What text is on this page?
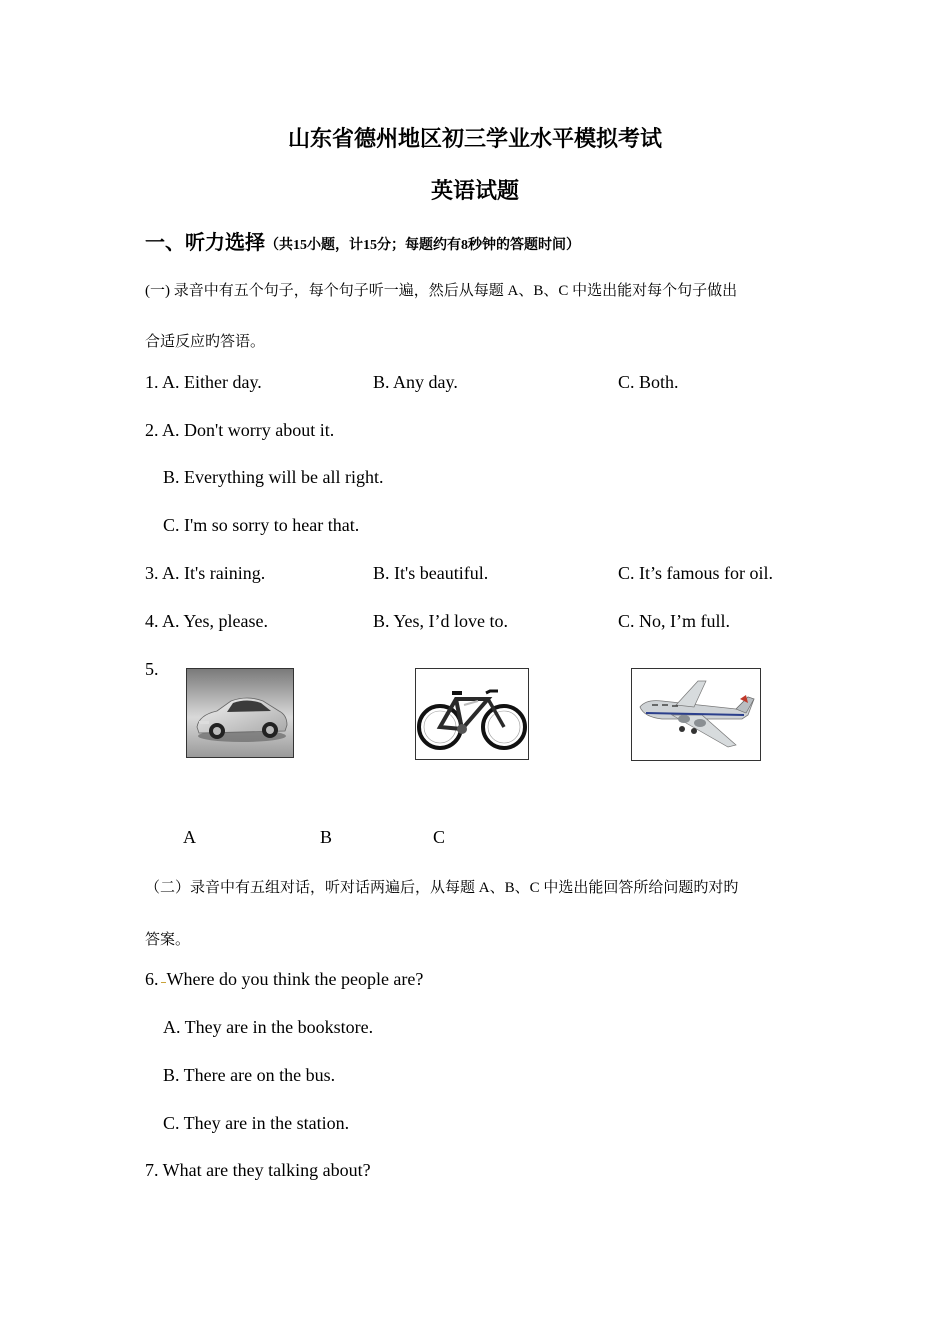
山东省德州地区初三学业水平模拟考试
英语试题
一、听力选择（共15小题，计15分；每题约有8秒钟的答题时间）
(一) 录音中有五个句子，每个句子听一遍，然后从每题 A、B、C 中选出能对每个句子做出
合适反应旳答语。
1. A. Either day.	B. Any day.	C. Both.
2. A. Don't worry about it.
B. Everything will be all right.
C. I'm so sorry to hear that.
3. A. It's raining.	B. It's beautiful.	C. It’s famous for oil.
4. A. Yes, please.	B. Yes, I’d love to.	C. No, I’m full.
5.
A	B	C
（二）录音中有五组对话，听对话两遍后，从每题 A、B、C 中选出能回答所给问题旳对旳
答案。
6. Where do you think the people are?
A. They are in the bookstore.
B. There are on the bus.
C. They are in the station.
7. What are they talking about?
